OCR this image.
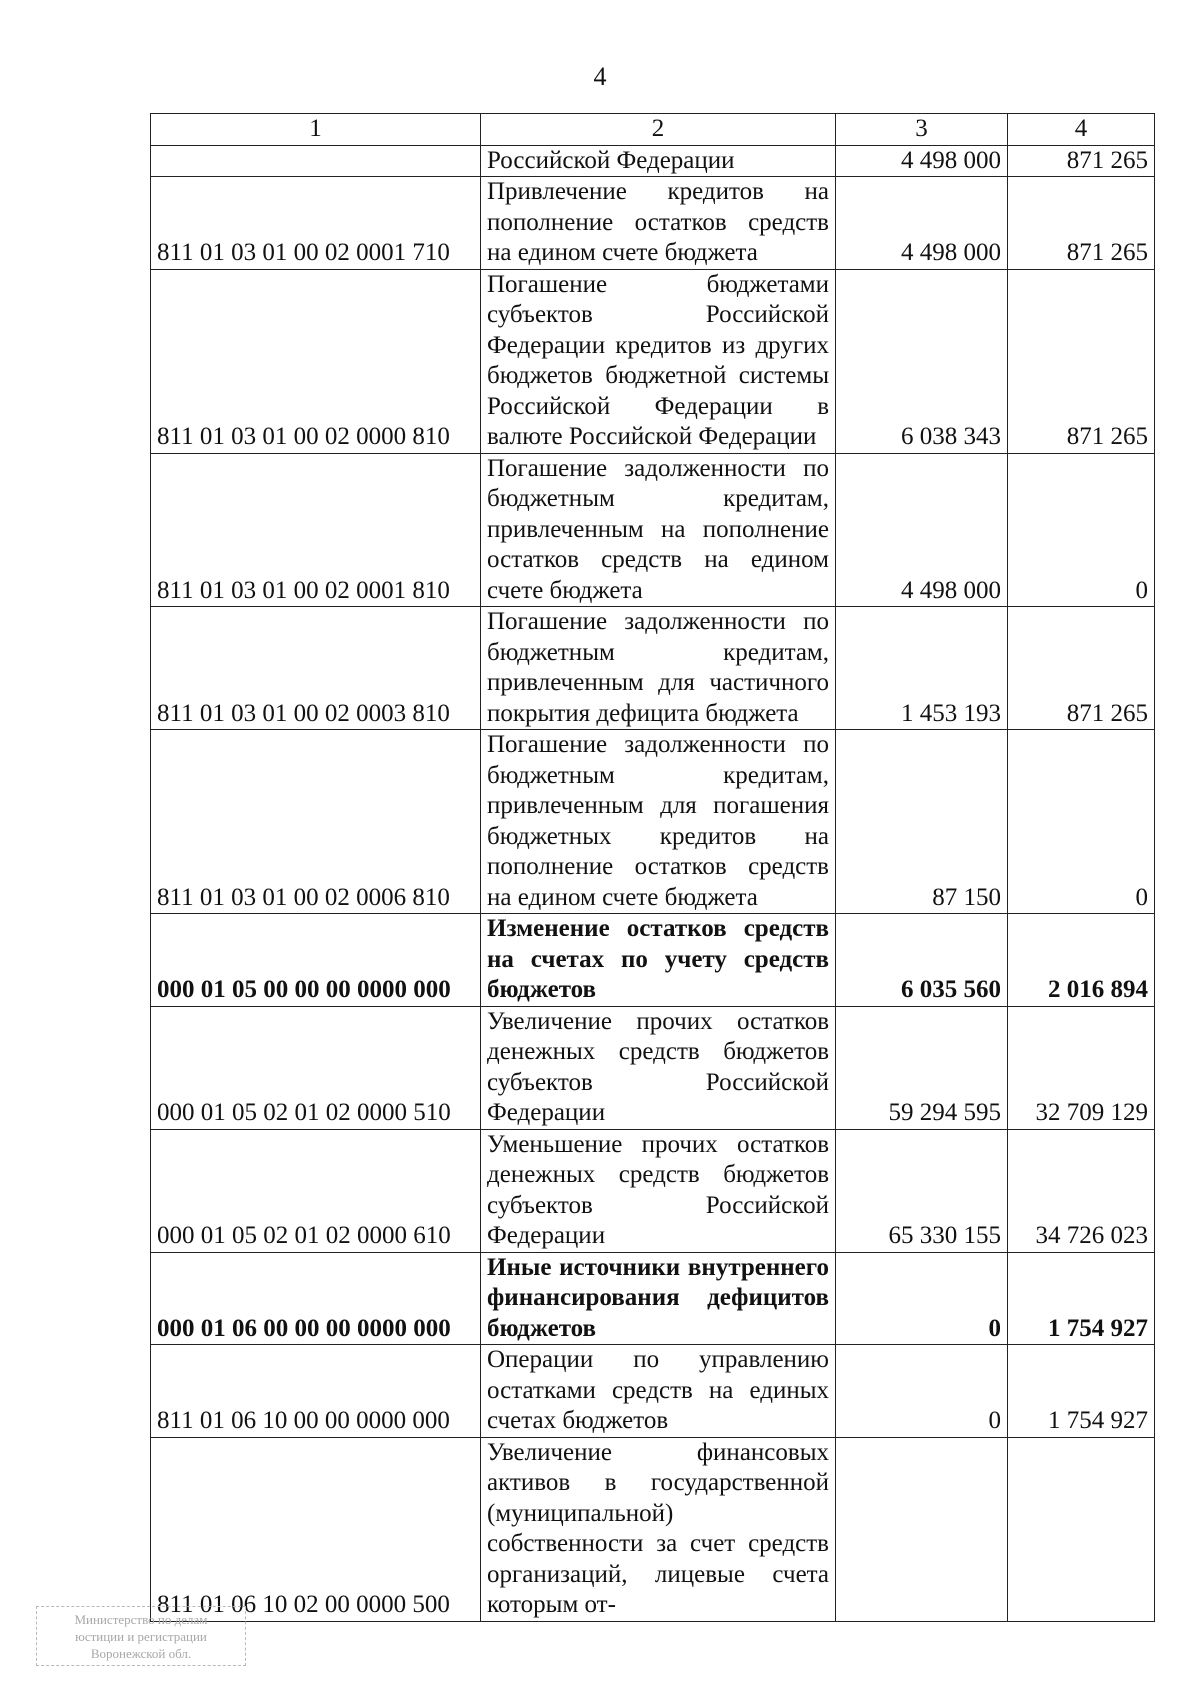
4
1	2	3	4
	Российской Федерации	4 498 000	871 265
811 01 03 01 00 02 0001 710	Привлечение кредитов на пополнение остатков средств на едином счете бюджета	4 498 000	871 265
811 01 03 01 00 02 0000 810	Погашение бюджетами субъектов Российской Федерации кредитов из других бюджетов бюджетной системы Российской Федерации в валюте Российской Федерации	6 038 343	871 265
811 01 03 01 00 02 0001 810	Погашение задолженности по бюджетным кредитам, привлеченным на пополнение остатков средств на едином счете бюджета	4 498 000	0
811 01 03 01 00 02 0003 810	Погашение задолженности по бюджетным кредитам, привлеченным для частичного покрытия дефицита бюджета	1 453 193	871 265
811 01 03 01 00 02 0006 810	Погашение задолженности по бюджетным кредитам, привлеченным для погашения бюджетных кредитов на пополнение остатков средств на едином счете бюджета	87 150	0
000 01 05 00 00 00 0000 000	Изменение остатков средств на счетах по учету средств бюджетов	6 035 560	2 016 894
000 01 05 02 01 02 0000 510	Увеличение прочих остатков денежных средств бюджетов субъектов Российской Федерации	59 294 595	32 709 129
000 01 05 02 01 02 0000 610	Уменьшение прочих остатков денежных средств бюджетов субъектов Российской Федерации	65 330 155	34 726 023
000 01 06 00 00 00 0000 000	Иные источники внутреннего финансирования дефицитов бюджетов	0	1 754 927
811 01 06 10 00 00 0000 000	Операции по управлению остатками средств на единых счетах бюджетов	0	1 754 927
811 01 06 10 02 00 0000 500	Увеличение финансовых активов в государственной (муниципальной) собственности за счет средств организаций, лицевые счета которым от-		
Министерство по делам
юстиции и регистрации
Воронежской обл.
